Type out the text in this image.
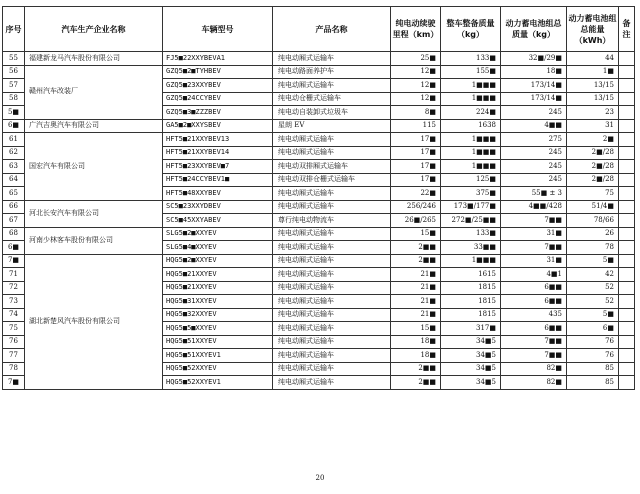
序号	汽车生产企业名称	车辆型号	产品名称	纯电动续驶里程（km）	整车整备质量（kg）	动力蓄电池组总质量（kg）	动力蓄电池组总能量（kWh）	备注
55	福建新龙马汽车股份有限公司	FJ5■22XXYBEVA1	纯电动厢式运输车	25■	133■	32■/29■	44	
56	赣州汽车改装厂	GZQ5■2■TYHBEV	纯电动路面养护车	12■	155■	18■	1■	
57		GZQ5■23XXYBEV	纯电动厢式运输车	12■	1■■■	173/14■	13/15	
58		GZQ5■24CCYBEV	纯电动仓栅式运输车	12■	1■■■	173/14■	13/15	
5■		GZQ5■3■ZZZBEV	纯电动自装卸式垃圾车	8■	224■	245	23	
6■	广汽吉奥汽车有限公司	GA5■2■XXYSBEV	星朗 EV	115	1638	4■■	31	
61	国宏汽车有限公司	HFT5■21XXYBEV13	纯电动厢式运输车	17■	1■■■	275	2■	
62		HFT5■21XXYBEV14	纯电动厢式运输车	17■	1■■■	245	2■/28	
63		HFT5■23XXYBEV■7	纯电动双排厢式运输车	17■	1■■■	245	2■/28	
64		HFT5■24CCYBEV1■	纯电动双排仓栅式运输车	17■	125■	245	2■/28	
65		HFT5■48XXYBEV	纯电动厢式运输车	22■	375■	55■ ± 3	75	
66	河北长安汽车有限公司	SC5■23XXYDBEV	纯电动厢式运输车	256/246	173■/177■	4■■/428	51/4■	
67		SC5■45XXYABEV	尊行纯电动物流车	26■/265	272■/25■■	7■■	78/66	
68	河南少林客车股份有限公司	SLG5■2■XXYEV	纯电动厢式运输车	15■	133■	31■	26	
6■		SLG5■4■XXYEV	纯电动厢式运输车	2■■	33■■	7■■	78	
7■	湖北新楚风汽车股份有限公司	HQG5■2■XXYEV	纯电动厢式运输车	2■■	1■■■	31■	5■	
71		HQG5■21XXYEV	纯电动厢式运输车	21■	1615	4■1	42	
72		HQG5■21XXYEV	纯电动厢式运输车	21■	1815	6■■	52	
73		HQG5■31XXYEV	纯电动厢式运输车	21■	1815	6■■	52	
74		HQG5■32XXYEV	纯电动厢式运输车	21■	1815	435	5■	
75		HQG5■5■XXYEV	纯电动厢式运输车	15■	317■	6■■	6■	
76		HQG5■51XXYEV	纯电动厢式运输车	18■	34■5	7■■	76	
77		HQG5■51XXYEV1	纯电动厢式运输车	18■	34■5	7■■	76	
78		HQG5■52XXYEV	纯电动厢式运输车	2■■	34■5	82■	85	
7■		HQG5■52XXYEV1	纯电动厢式运输车	2■■	34■5	82■	85	
20
